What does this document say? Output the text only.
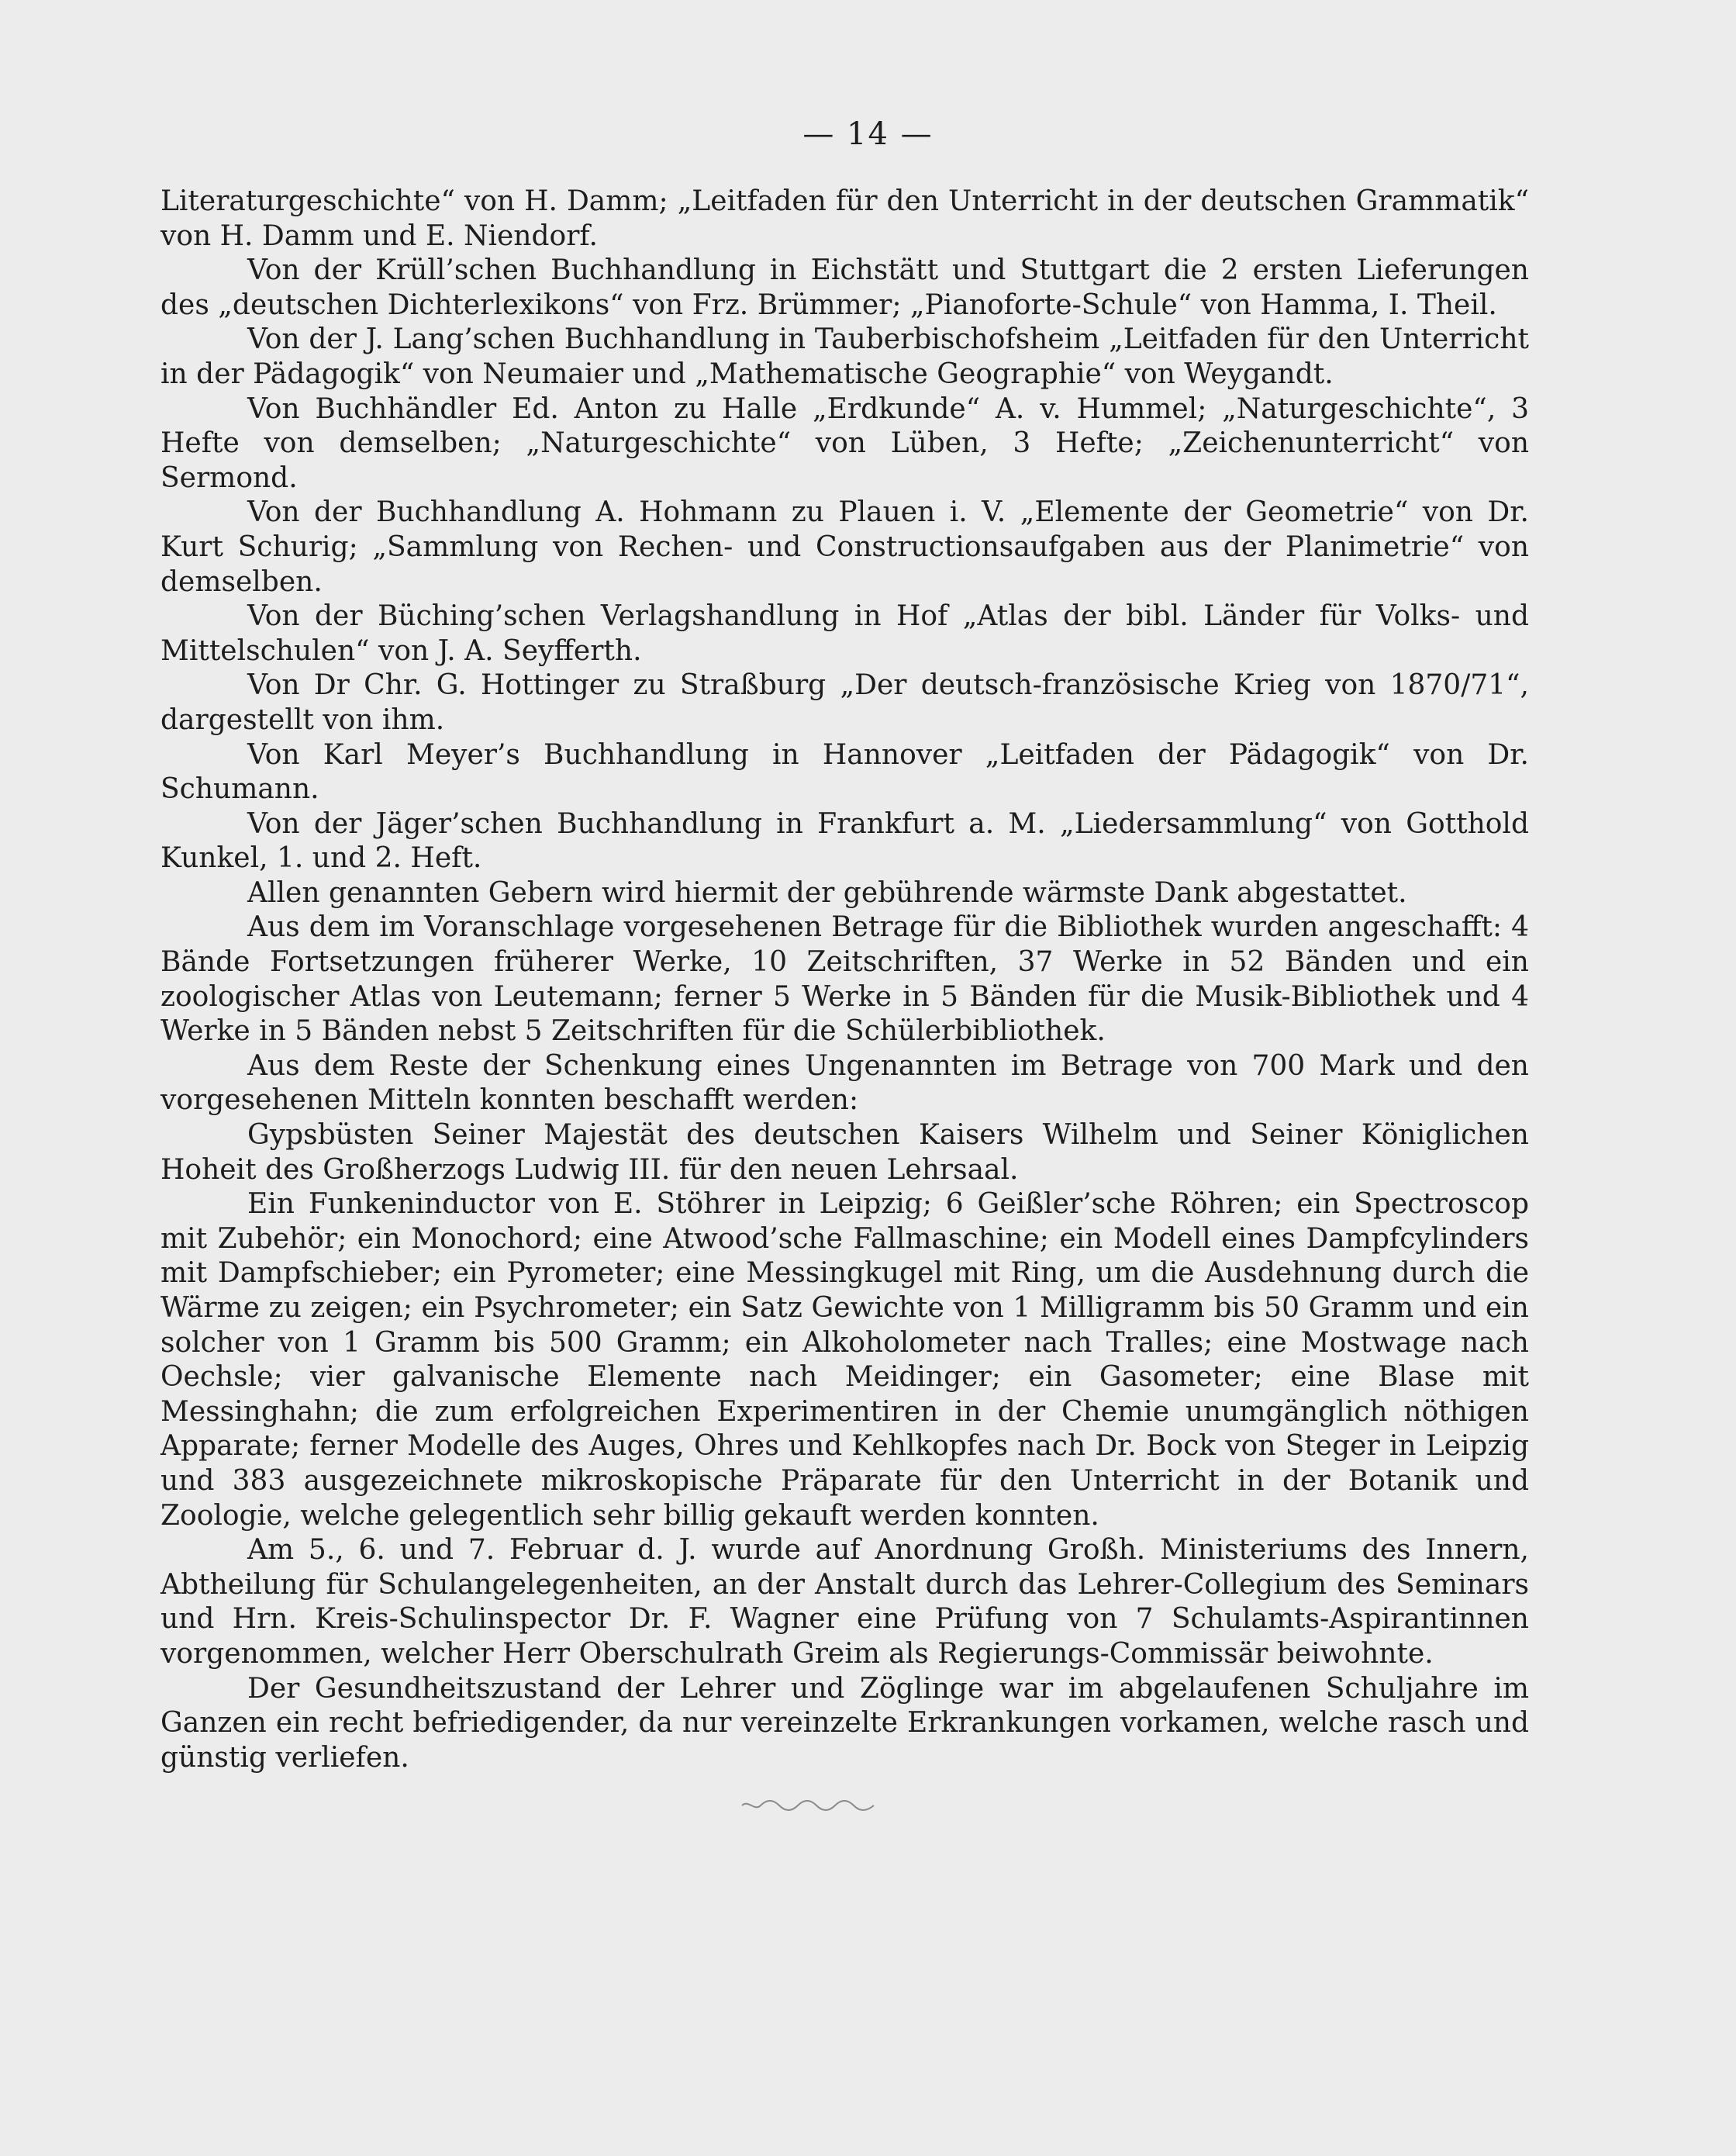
— 14 —

Literaturgeschichte“ von H. Damm; „Leitfaden für den Unterricht in der deutschen Grammatik“ von H. Damm und E. Niendorf.

Von der Krüll’schen Buchhandlung in Eichstätt und Stuttgart die 2 ersten Lieferungen des „deutschen Dichterlexikons“ von Frz. Brümmer; „Pianoforte-Schule“ von Hamma, I. Theil.

Von der J. Lang’schen Buchhandlung in Tauberbischofsheim „Leitfaden für den Unterricht in der Pädagogik“ von Neumaier und „Mathematische Geographie“ von Weygandt.

Von Buchhändler Ed. Anton zu Halle „Erdkunde“ A. v. Hummel; „Naturgeschichte“, 3 Hefte von demselben; „Naturgeschichte“ von Lüben, 3 Hefte; „Zeichenunterricht“ von Sermond.

Von der Buchhandlung A. Hohmann zu Plauen i. V. „Elemente der Geometrie“ von Dr. Kurt Schurig; „Sammlung von Rechen- und Constructionsaufgaben aus der Planimetrie“ von demselben.

Von der Büching’schen Verlagshandlung in Hof „Atlas der bibl. Länder für Volks- und Mittelschulen“ von J. A. Seyfferth.

Von Dr Chr. G. Hottinger zu Straßburg „Der deutsch-französische Krieg von 1870/71“, dargestellt von ihm.

Von Karl Meyer’s Buchhandlung in Hannover „Leitfaden der Pädagogik“ von Dr. Schumann.

Von der Jäger’schen Buchhandlung in Frankfurt a. M. „Liedersammlung“ von Gotthold Kunkel, 1. und 2. Heft.

Allen genannten Gebern wird hiermit der gebührende wärmste Dank abgestattet.

Aus dem im Voranschlage vorgesehenen Betrage für die Bibliothek wurden angeschafft: 4 Bände Fortsetzungen früherer Werke, 10 Zeitschriften, 37 Werke in 52 Bänden und ein zoologischer Atlas von Leutemann; ferner 5 Werke in 5 Bänden für die Musik-Bibliothek und 4 Werke in 5 Bänden nebst 5 Zeitschriften für die Schülerbibliothek.

Aus dem Reste der Schenkung eines Ungenannten im Betrage von 700 Mark und den vorgesehenen Mitteln konnten beschafft werden:

Gypsbüsten Seiner Majestät des deutschen Kaisers Wilhelm und Seiner Königlichen Hoheit des Großherzogs Ludwig III. für den neuen Lehrsaal.

Ein Funkeninductor von E. Stöhrer in Leipzig; 6 Geißler’sche Röhren; ein Spectroscop mit Zubehör; ein Monochord; eine Atwood’sche Fallmaschine; ein Modell eines Dampfcylinders mit Dampfschieber; ein Pyrometer; eine Messingkugel mit Ring, um die Ausdehnung durch die Wärme zu zeigen; ein Psychrometer; ein Satz Gewichte von 1 Milligramm bis 50 Gramm und ein solcher von 1 Gramm bis 500 Gramm; ein Alkoholometer nach Tralles; eine Mostwage nach Oechsle; vier galvanische Elemente nach Meidinger; ein Gasometer; eine Blase mit Messinghahn; die zum erfolgreichen Experimentiren in der Chemie unumgänglich nöthigen Apparate; ferner Modelle des Auges, Ohres und Kehlkopfes nach Dr. Bock von Steger in Leipzig und 383 ausgezeichnete mikroskopische Präparate für den Unterricht in der Botanik und Zoologie, welche gelegentlich sehr billig gekauft werden konnten.

Am 5., 6. und 7. Februar d. J. wurde auf Anordnung Großh. Ministeriums des Innern, Abtheilung für Schulangelegenheiten, an der Anstalt durch das Lehrer-Collegium des Seminars und Hrn. Kreis-Schulinspector Dr. F. Wagner eine Prüfung von 7 Schulamts-Aspirantinnen vorgenommen, welcher Herr Oberschulrath Greim als Regierungs-Commissär beiwohnte.

Der Gesundheitszustand der Lehrer und Zöglinge war im abgelaufenen Schuljahre im Ganzen ein recht befriedigender, da nur vereinzelte Erkrankungen vorkamen, welche rasch und günstig verliefen.
